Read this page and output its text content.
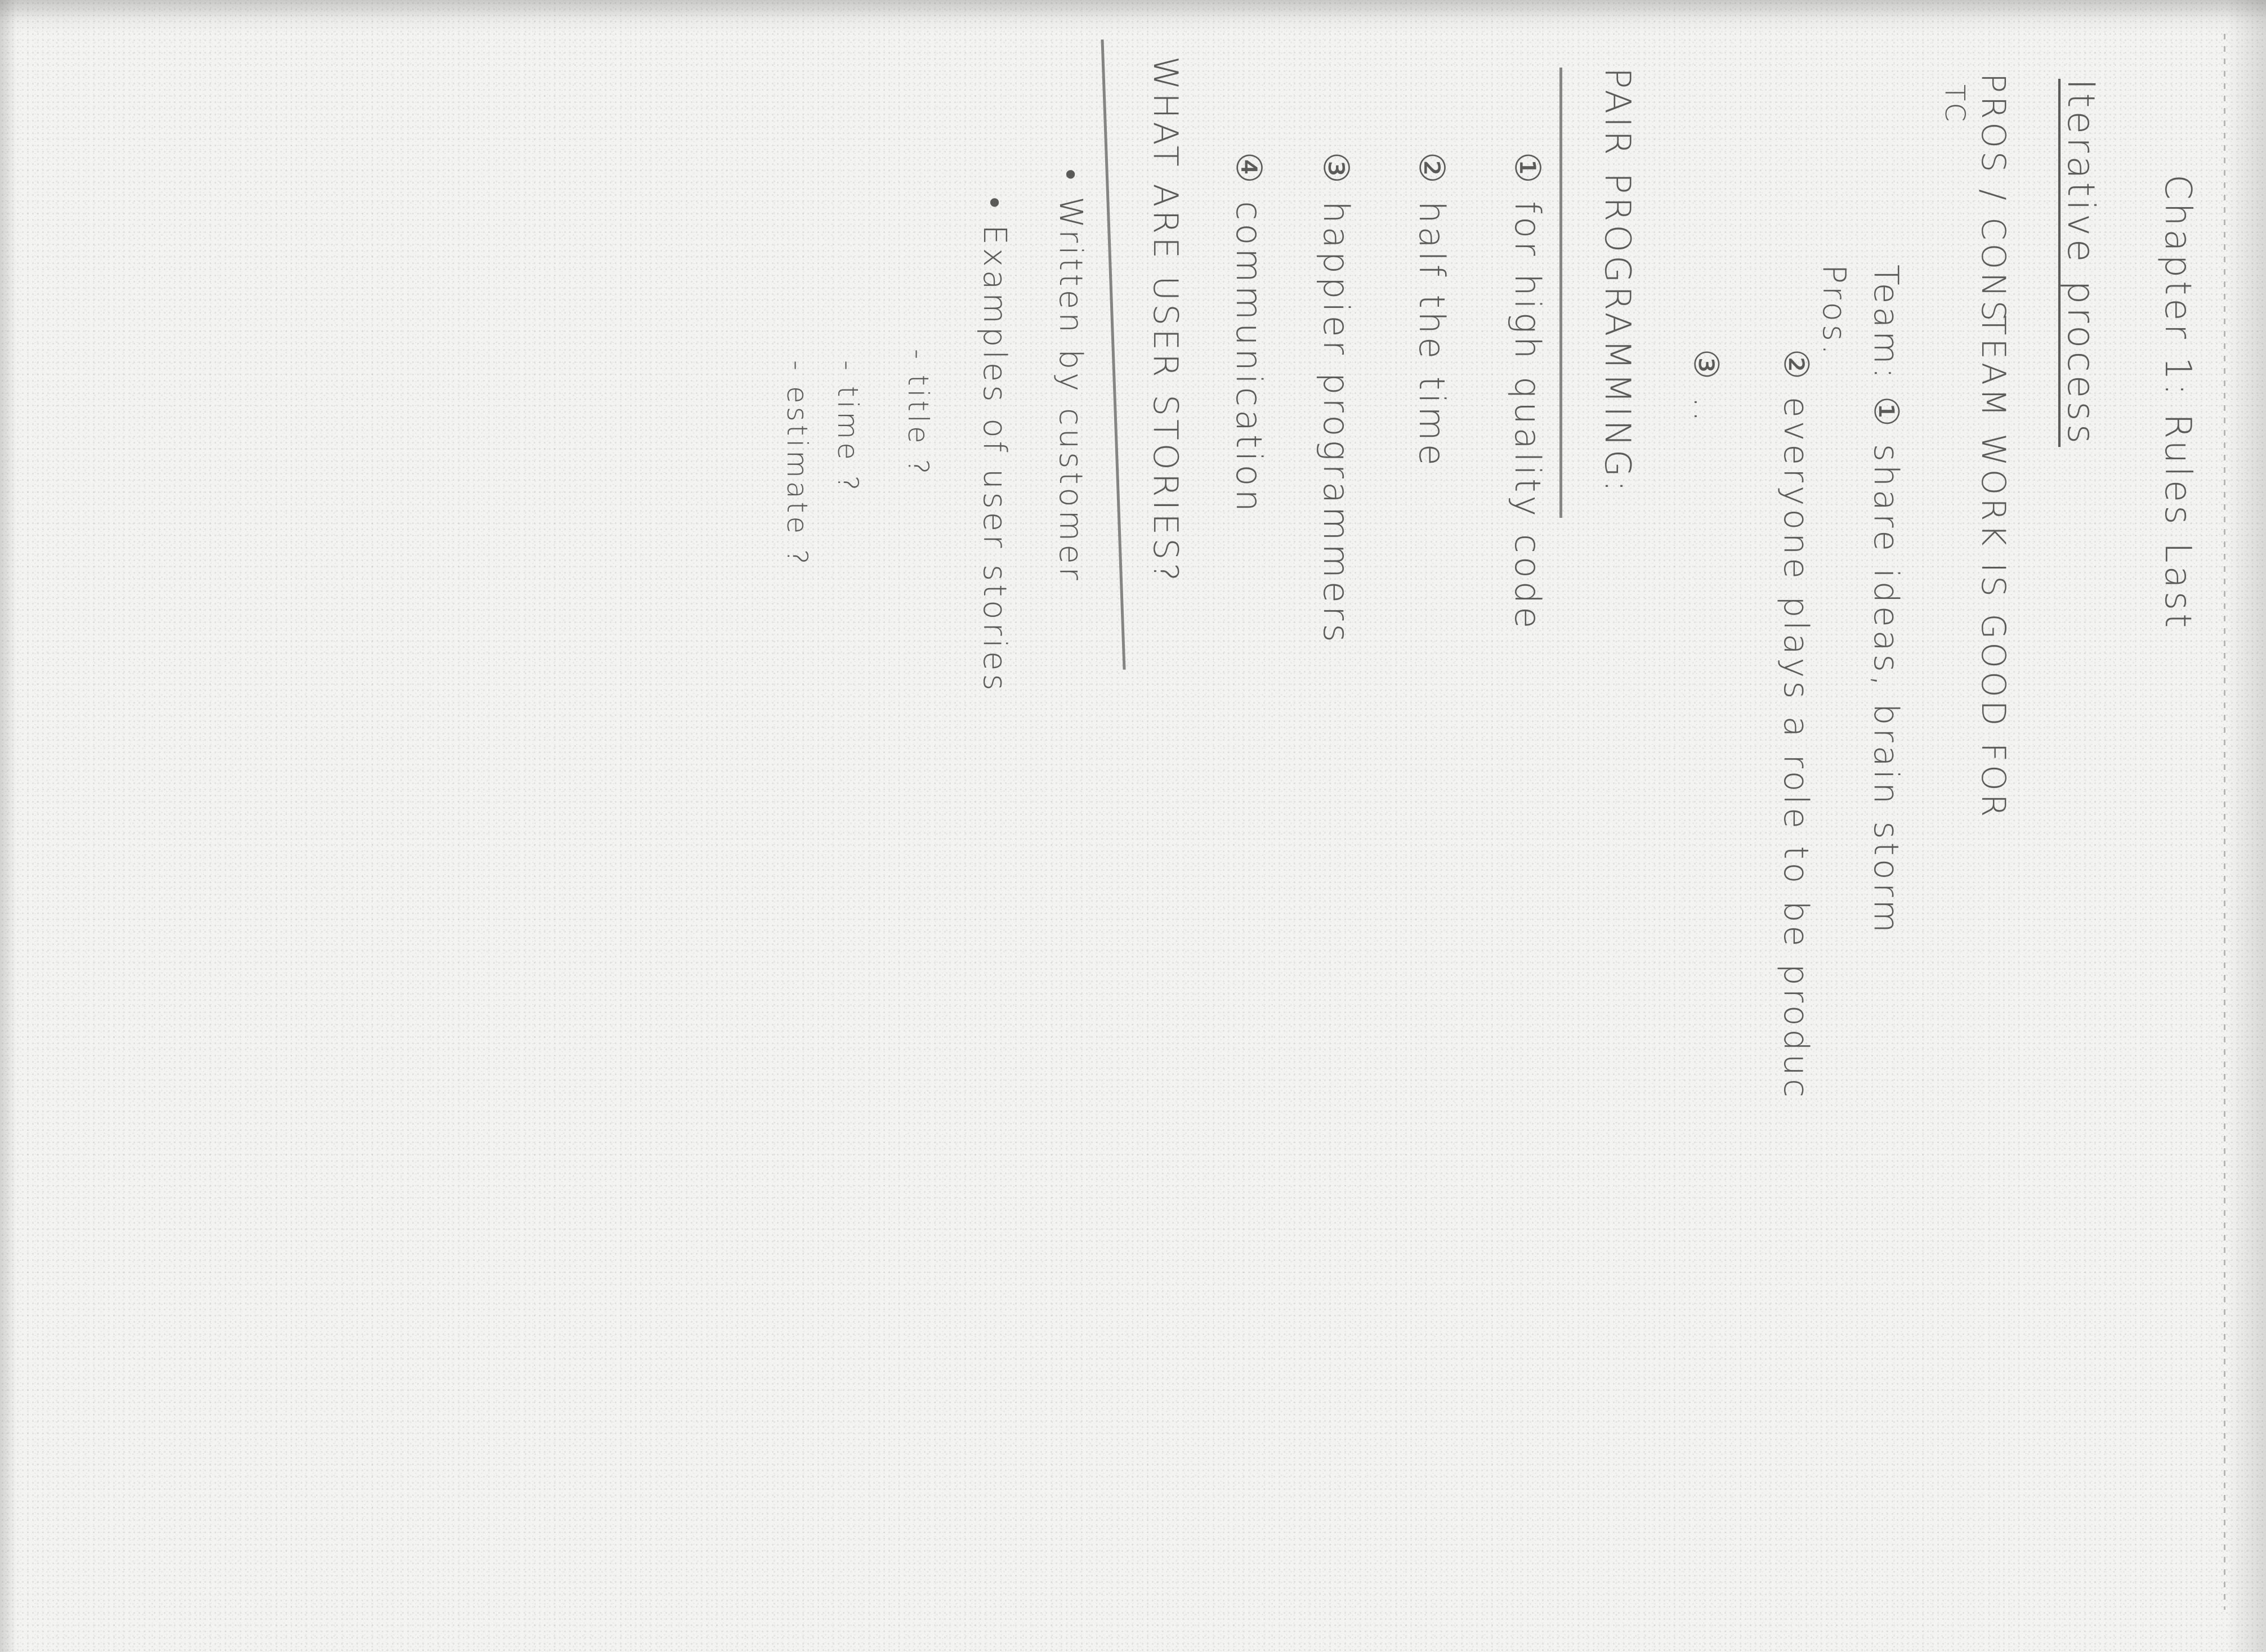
Chapter 1: Rules Last
Iterative process
PROS / CONS
TEAM WORK IS GOOD FOR
TC
Team: ① share ideas, brain storm
Pros.
② everyone plays a role to be produc
③ ..
PAIR PROGRAMMING:
① for high quality code
② half the time
③ happier programmers
④ communication
WHAT ARE USER STORIES?
• Written by customer
• Examples of user stories
- title ?
- time ?
- estimate ?
